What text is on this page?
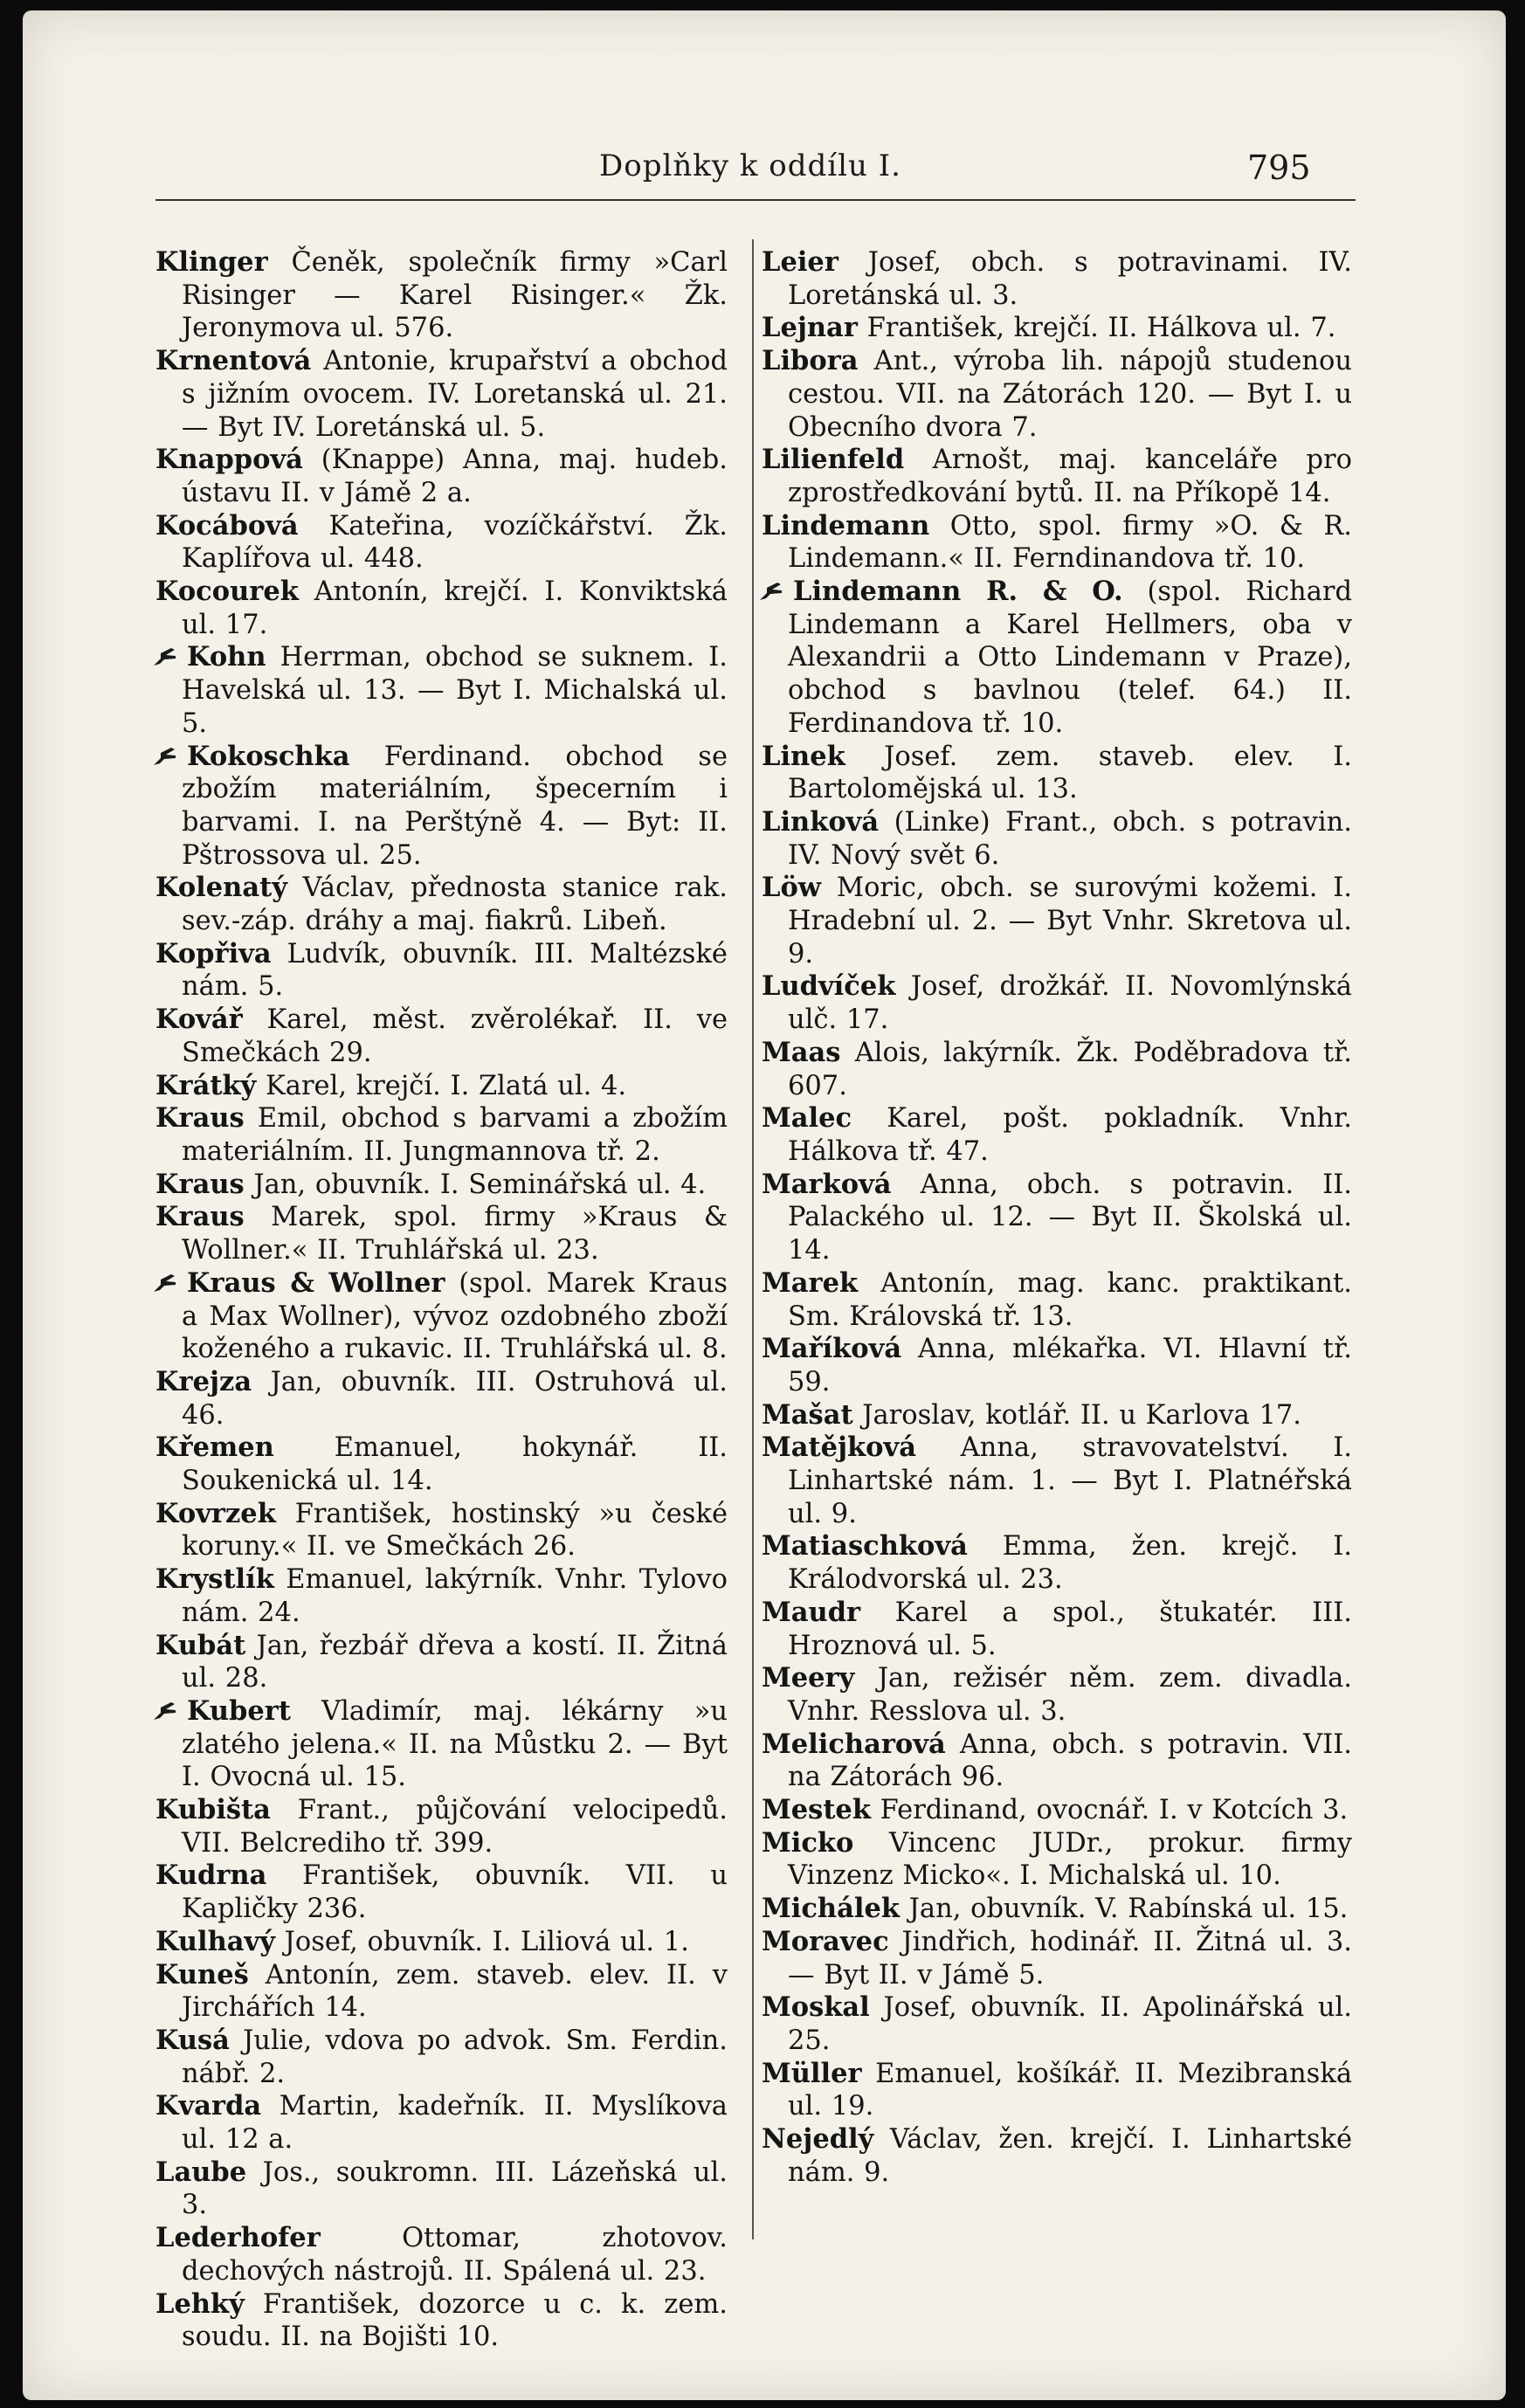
Doplňky k oddílu I.	795
Klinger Čeněk, společník firmy »Carl Risinger — Karel Risinger.« Žk. Jeronymova ul. 576.
Krnentová Antonie, krupařství a obchod s jižním ovocem. IV. Loretanská ul. 21. — Byt IV. Loretánská ul. 5.
Knappová (Knappe) Anna, maj. hudeb. ústavu II. v Jámě 2 a.
Kocábová Kateřina, vozíčkářství. Žk. Kaplířova ul. 448.
Kocourek Antonín, krejčí. I. Konviktská ul. 17.
Kohn Herrman, obchod se suknem. I. Havelská ul. 13. — Byt I. Michalská ul. 5.
Kokoschka Ferdinand. obchod se zbožím materiálním, špecerním i barvami. I. na Perštýně 4. — Byt: II. Pštrossova ul. 25.
Kolenatý Václav, přednosta stanice rak. sev.-záp. dráhy a maj. fiakrů. Libeň.
Kopřiva Ludvík, obuvník. III. Maltézské nám. 5.
Kovář Karel, měst. zvěrolékař. II. ve Smečkách 29.
Krátký Karel, krejčí. I. Zlatá ul. 4.
Kraus Emil, obchod s barvami a zbožím materiálním. II. Jungmannova tř. 2.
Kraus Jan, obuvník. I. Seminářská ul. 4.
Kraus Marek, spol. firmy »Kraus & Wollner.« II. Truhlářská ul. 23.
Kraus & Wollner (spol. Marek Kraus a Max Wollner), vývoz ozdobného zboží koženého a rukavic. II. Truhlářská ul. 8.
Krejza Jan, obuvník. III. Ostruhová ul. 46.
Křemen Emanuel, hokynář. II. Soukenická ul. 14.
Kovrzek František, hostinský »u české koruny.« II. ve Smečkách 26.
Krystlík Emanuel, lakýrník. Vnhr. Tylovo nám. 24.
Kubát Jan, řezbář dřeva a kostí. II. Žitná ul. 28.
Kubert Vladimír, maj. lékárny »u zlatého jelena.« II. na Můstku 2. — Byt I. Ovocná ul. 15.
Kubišta Frant., půjčování velocipedů. VII. Belcrediho tř. 399.
Kudrna František, obuvník. VII. u Kapličky 236.
Kulhavý Josef, obuvník. I. Liliová ul. 1.
Kuneš Antonín, zem. staveb. elev. II. v Jirchářích 14.
Kusá Julie, vdova po advok. Sm. Ferdin. nábř. 2.
Kvarda Martin, kadeřník. II. Myslíkova ul. 12 a.
Laube Jos., soukromn. III. Lázeňská ul. 3.
Lederhofer Ottomar, zhotovov. dechových nástrojů. II. Spálená ul. 23.
Lehký František, dozorce u c. k. zem. soudu. II. na Bojišti 10.
Leier Josef, obch. s potravinami. IV. Loretánská ul. 3.
Lejnar František, krejčí. II. Hálkova ul. 7.
Libora Ant., výroba lih. nápojů studenou cestou. VII. na Zátorách 120. — Byt I. u Obecního dvora 7.
Lilienfeld Arnošt, maj. kanceláře pro zprostředkování bytů. II. na Příkopě 14.
Lindemann Otto, spol. firmy »O. & R. Lindemann.« II. Ferndinandova tř. 10.
Lindemann R. & O. (spol. Richard Lindemann a Karel Hellmers, oba v Alexandrii a Otto Lindemann v Praze), obchod s bavlnou (telef. 64.) II. Ferdinandova tř. 10.
Linek Josef. zem. staveb. elev. I. Bartolomějská ul. 13.
Linková (Linke) Frant., obch. s potravin. IV. Nový svět 6.
Löw Moric, obch. se surovými kožemi. I. Hradební ul. 2. — Byt Vnhr. Skretova ul. 9.
Ludvíček Josef, drožkář. II. Novomlýnská ulč. 17.
Maas Alois, lakýrník. Žk. Poděbradova tř. 607.
Malec Karel, pošt. pokladník. Vnhr. Hálkova tř. 47.
Marková Anna, obch. s potravin. II. Palackého ul. 12. — Byt II. Školská ul. 14.
Marek Antonín, mag. kanc. praktikant. Sm. Královská tř. 13.
Maříková Anna, mlékařka. VI. Hlavní tř. 59.
Mašat Jaroslav, kotlář. II. u Karlova 17.
Matějková Anna, stravovatelství. I. Linhartské nám. 1. — Byt I. Platnéřská ul. 9.
Matiaschková Emma, žen. krejč. I. Králodvorská ul. 23.
Maudr Karel a spol., štukatér. III. Hroznová ul. 5.
Meery Jan, režisér něm. zem. divadla. Vnhr. Resslova ul. 3.
Melicharová Anna, obch. s potravin. VII. na Zátorách 96.
Mestek Ferdinand, ovocnář. I. v Kotcích 3.
Micko Vincenc JUDr., prokur. firmy Vinzenz Micko«. I. Michalská ul. 10.
Michálek Jan, obuvník. V. Rabínská ul. 15.
Moravec Jindřich, hodinář. II. Žitná ul. 3. — Byt II. v Jámě 5.
Moskal Josef, obuvník. II. Apolinářská ul. 25.
Müller Emanuel, košíkář. II. Mezibranská ul. 19.
Nejedlý Václav, žen. krejčí. I. Linhartské nám. 9.
